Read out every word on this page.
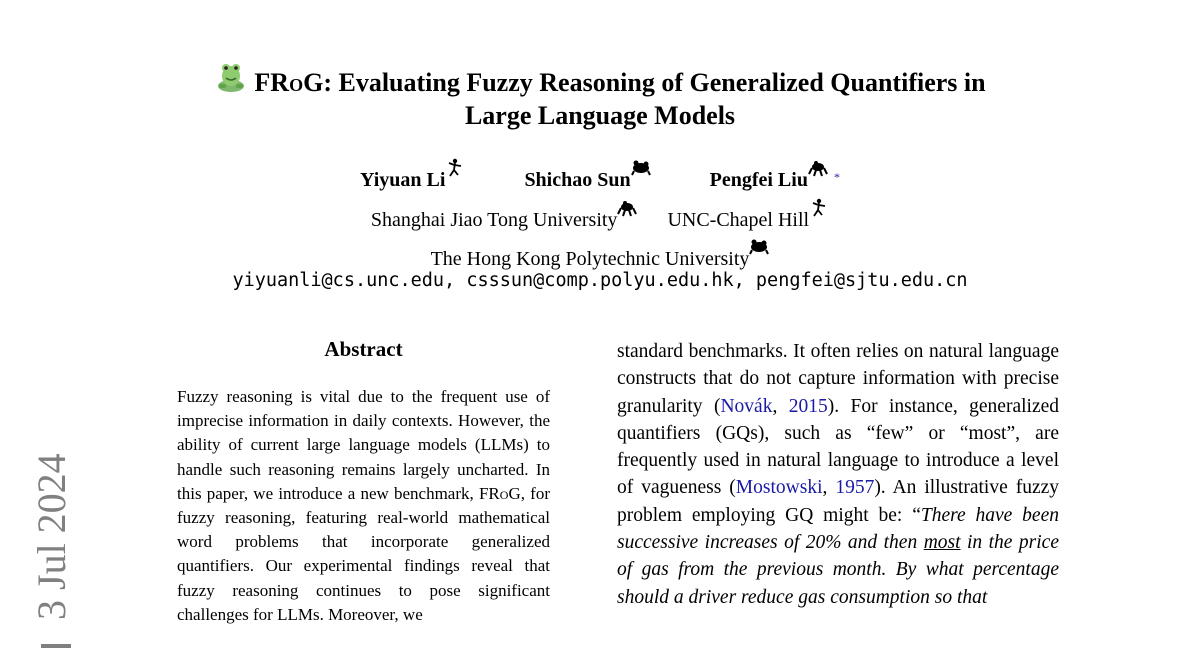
3 Jul 2024
FRoG: Evaluating Fuzzy Reasoning of Generalized Quantifiers in
Large Language Models
Yiyuan Li	Shichao Sun	Pengfei Liu *
Shanghai Jiao Tong University	UNC-Chapel Hill
The Hong Kong Polytechnic University
yiyuanli@cs.unc.edu, csssun@comp.polyu.edu.hk, pengfei@sjtu.edu.cn
Abstract
Fuzzy reasoning is vital due to the frequent use of imprecise information in daily contexts. However, the ability of current large language models (LLMs) to handle such reasoning remains largely uncharted. In this paper, we introduce a new benchmark, FRoG, for fuzzy reasoning, featuring real-world mathematical word problems that incorporate generalized quantifiers. Our experimental findings reveal that fuzzy reasoning continues to pose significant challenges for LLMs. Moreover, we
standard benchmarks. It often relies on natural language constructs that do not capture information with precise granularity (Novák, 2015). For instance, generalized quantifiers (GQs), such as “few” or “most”, are frequently used in natural language to introduce a level of vagueness (Mostowski, 1957). An illustrative fuzzy problem employing GQ might be: “There have been successive increases of 20% and then most in the price of gas from the previous month. By what percentage should a driver reduce gas consumption so that
